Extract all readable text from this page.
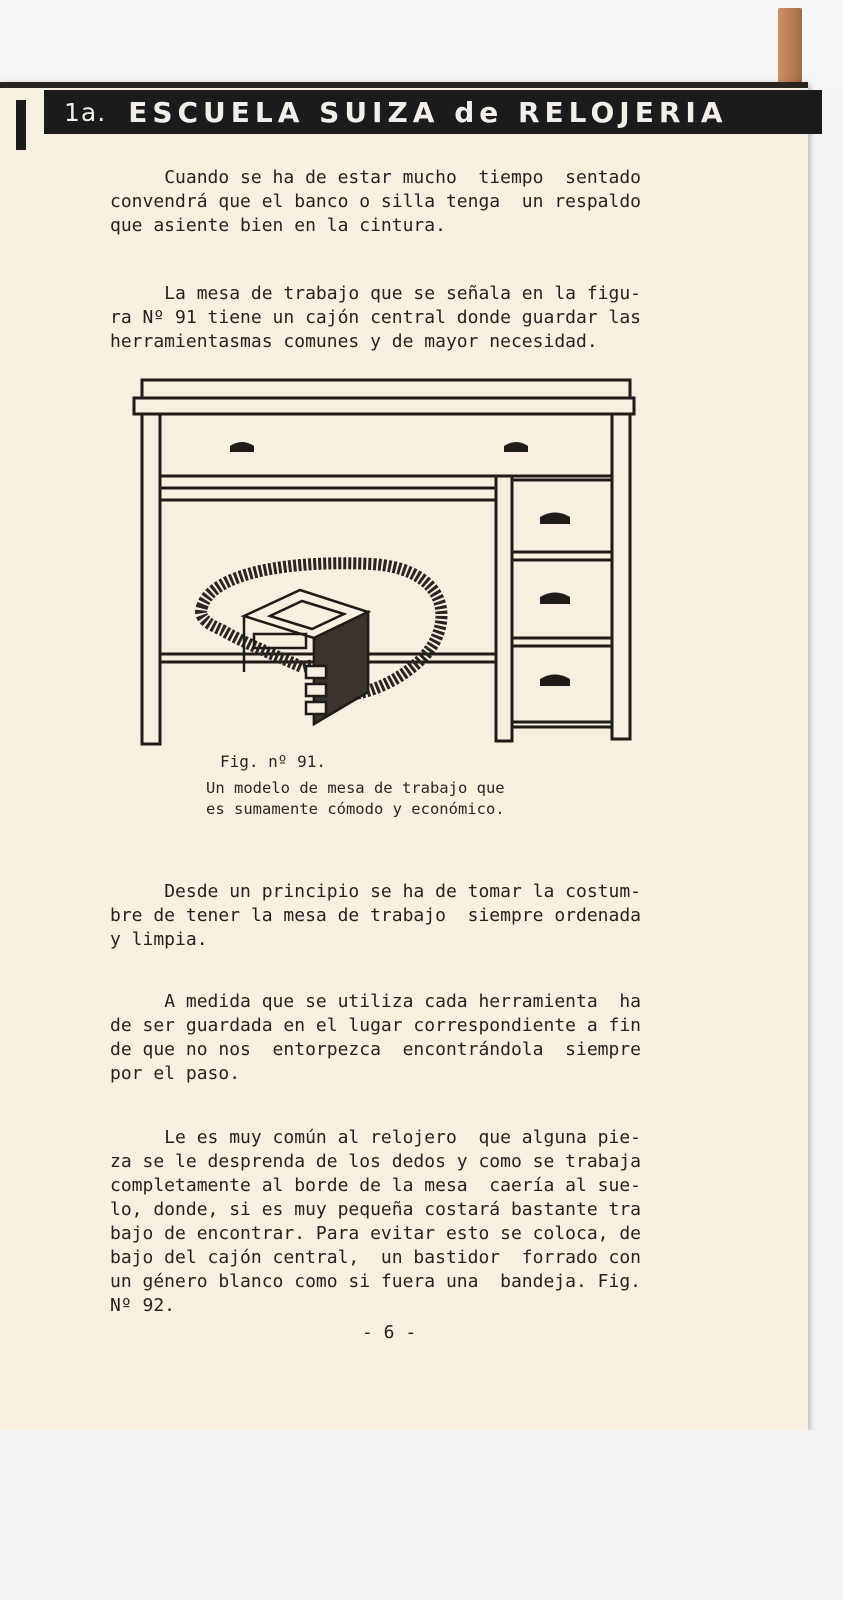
1a. ESCUELA SUIZA de RELOJERIA

Cuando se ha de estar mucho  tiempo  sentado
convendrá que el banco o silla tenga  un respaldo
que asiente bien en la cintura.

La mesa de trabajo que se señala en la figu-
ra Nº 91 tiene un cajón central donde guardar las
herramientasmas comunes y de mayor necesidad.

Fig. nº 91.

Un modelo de mesa de trabajo que
es sumamente cómodo y económico.

Desde un principio se ha de tomar la costum-
bre de tener la mesa de trabajo  siempre ordenada
y limpia.

A medida que se utiliza cada herramienta  ha
de ser guardada en el lugar correspondiente a fin
de que no nos  entorpezca  encontrándola  siempre
por el paso.

Le es muy común al relojero  que alguna pie-
za se le desprenda de los dedos y como se trabaja
completamente al borde de la mesa  caería al sue-
lo, donde, si es muy pequeña costará bastante tra
bajo de encontrar. Para evitar esto se coloca, de
bajo del cajón central,  un bastidor  forrado con
un género blanco como si fuera una  bandeja. Fig.
Nº 92.

- 6 -
